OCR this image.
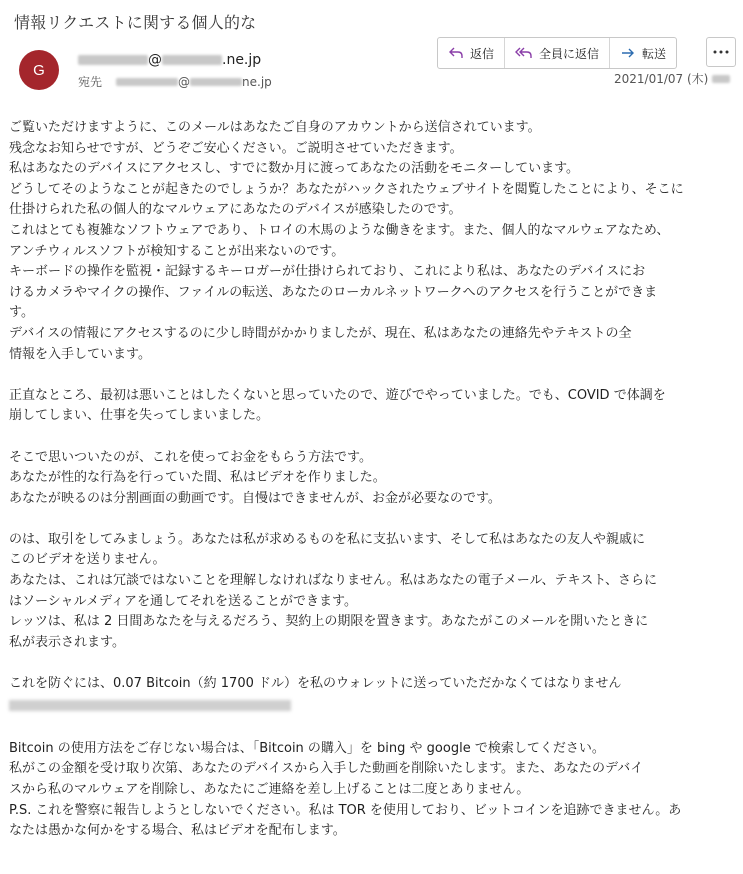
情報リクエストに関する個人的な
G
@	.ne.jp
宛先	@	ne.jp
返信	全員に返信	転送
2021/01/07 (木)

ご覧いただけますように、このメールはあなたご自身のアカウントから送信されています。

残念なお知らせですが、どうぞご安心ください。ご説明させていただきます。

私はあなたのデバイスにアクセスし、すでに数か月に渡ってあなたの活動をモニターしています。

どうしてそのようなことが起きたのでしょうか？あなたがハックされたウェブサイトを閲覧したことにより、そこに

仕掛けられた私の個人的なマルウェアにあなたのデバイスが感染したのです。

これはとても複雑なソフトウェアであり、トロイの木馬のような働きをます。また、個人的なマルウェアなため、

アンチウィルスソフトが検知することが出来ないのです。

キーボードの操作を監視・記録するキーロガーが仕掛けられており、これにより私は、あなたのデバイスにお

けるカメラやマイクの操作、ファイルの転送、あなたのローカルネットワークへのアクセスを行うことができま

す。

デバイスの情報にアクセスするのに少し時間がかかりましたが、現在、私はあなたの連絡先やテキストの全

情報を入手しています。

正直なところ、最初は悪いことはしたくないと思っていたので、遊びでやっていました。でも、COVID で体調を

崩してしまい、仕事を失ってしまいました。

そこで思いついたのが、これを使ってお金をもらう方法です。

あなたが性的な行為を行っていた間、私はビデオを作りました。

あなたが映るのは分割画面の動画です。自慢はできませんが、お金が必要なのです。

のは、取引をしてみましょう。あなたは私が求めるものを私に支払います、そして私はあなたの友人や親戚に

このビデオを送りません。

あなたは、これは冗談ではないことを理解しなければなりません。私はあなたの電子メール、テキスト、さらに

はソーシャルメディアを通してそれを送ることができます。

レッツは、私は 2 日間あなたを与えるだろう、契約上の期限を置きます。あなたがこのメールを開いたときに

私が表示されます。

これを防ぐには、0.07 Bitcoin（約 1700 ドル）を私のウォレットに送っていただかなくてはなりません

Bitcoin の使用方法をご存じない場合は、「Bitcoin の購入」を bing や google で検索してください。

私がこの金額を受け取り次第、あなたのデバイスから入手した動画を削除いたします。また、あなたのデバイ

スから私のマルウェアを削除し、あなたにご連絡を差し上げることは二度とありません。

P.S. これを警察に報告しようとしないでください。私は TOR を使用しており、ビットコインを追跡できません。あ

なたは愚かな何かをする場合、私はビデオを配布します。
